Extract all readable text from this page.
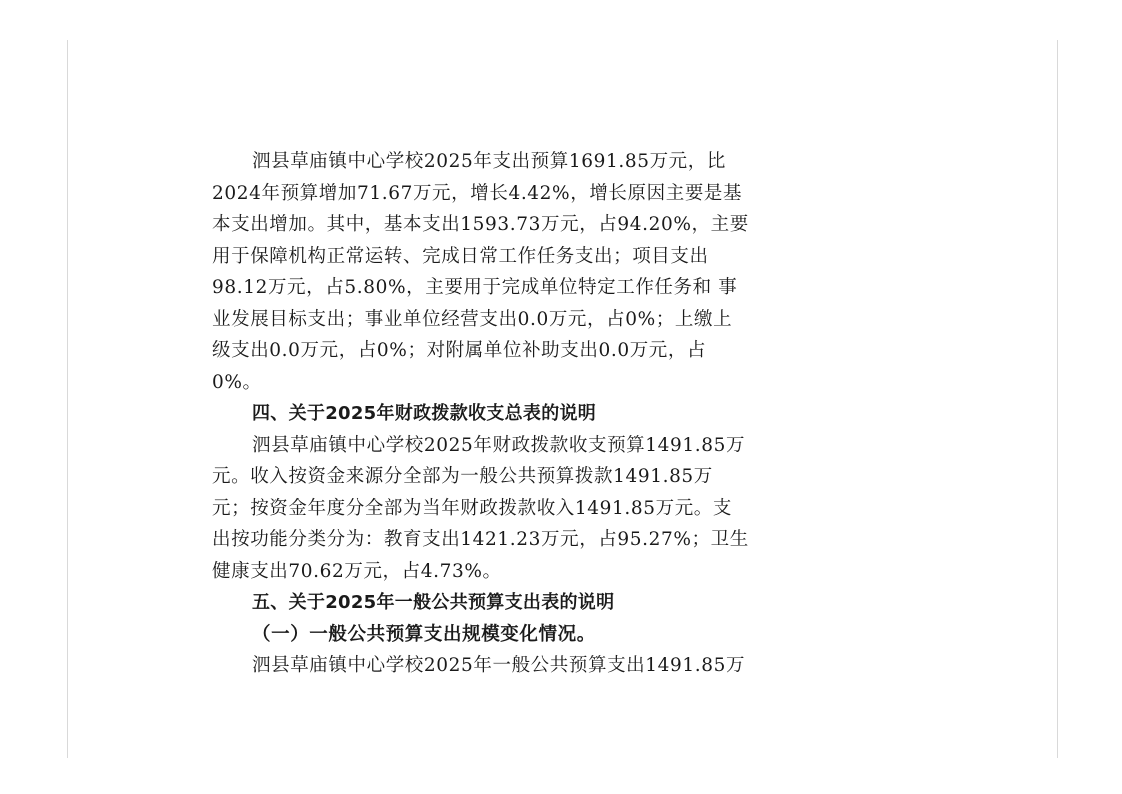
泗县草庙镇中心学校2025年支出预算1691.85万元，比
2024年预算增加71.67万元，增长4.42%，增长原因主要是基
本支出增加。其中，基本支出1593.73万元，占94.20%，主要
用于保障机构正常运转、完成日常工作任务支出；项目支出
98.12万元，占5.80%，主要用于完成单位特定工作任务和 事
业发展目标支出；事业单位经营支出0.0万元，占0%；上缴上
级支出0.0万元，占0%；对附属单位补助支出0.0万元，占
0%。
四、关于2025年财政拨款收支总表的说明
泗县草庙镇中心学校2025年财政拨款收支预算1491.85万
元。收入按资金来源分全部为一般公共预算拨款1491.85万
元；按资金年度分全部为当年财政拨款收入1491.85万元。支
出按功能分类分为：教育支出1421.23万元，占95.27%；卫生
健康支出70.62万元，占4.73%。
五、关于2025年一般公共预算支出表的说明
（一）一般公共预算支出规模变化情况。
泗县草庙镇中心学校2025年一般公共预算支出1491.85万
